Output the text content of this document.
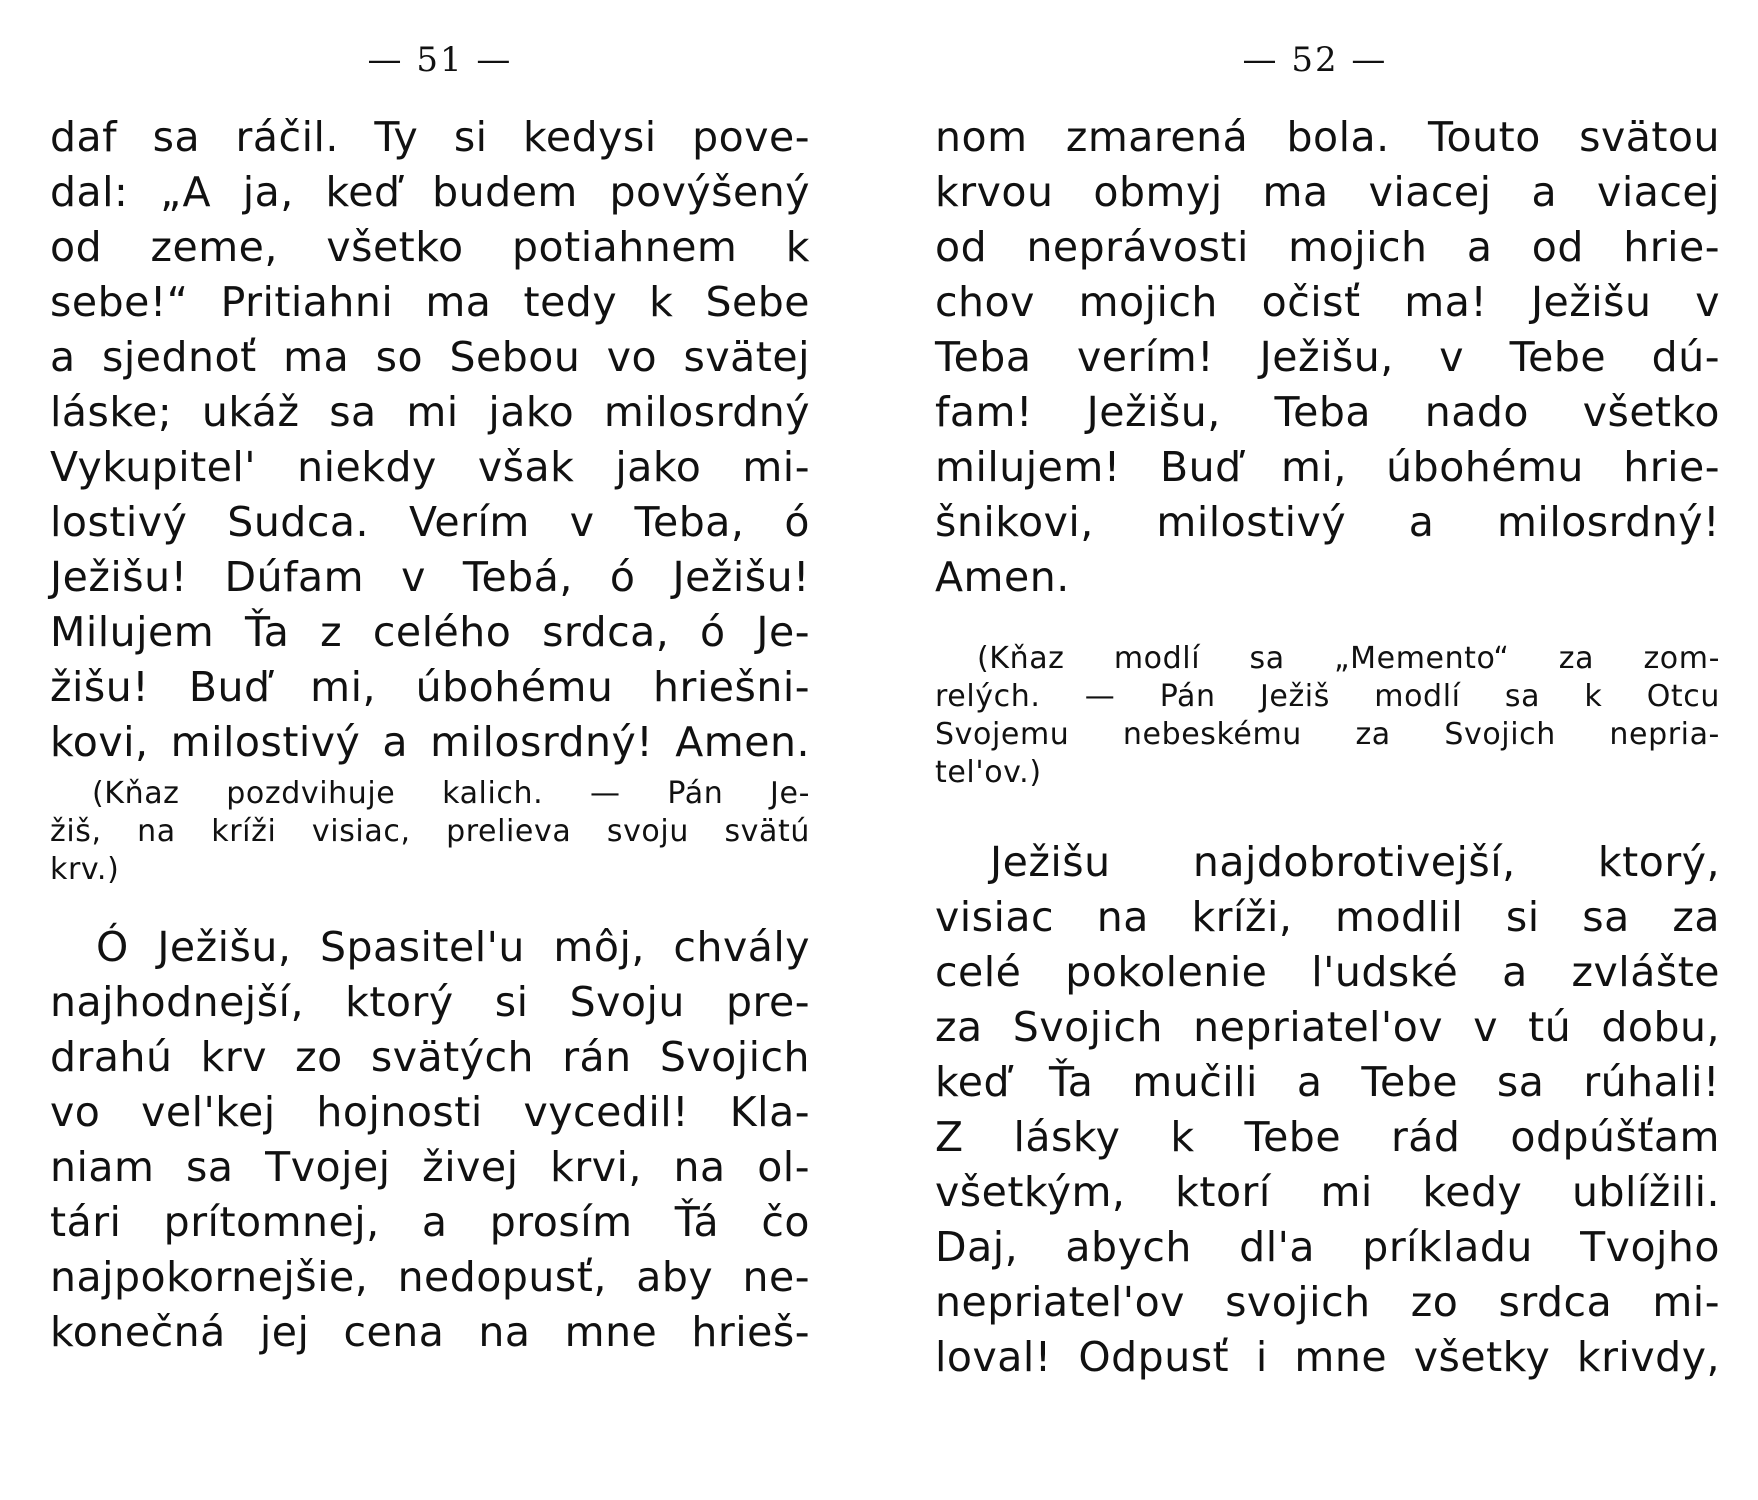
— 51 —
daf sa ráčil. Ty si kedysi pove-
dal: „A ja, keď budem povýšený
od zeme, všetko potiahnem k
sebe!“ Pritiahni ma tedy k Sebe
a sjednoť ma so Sebou vo svätej
láske; ukáž sa mi jako milosrdný
Vykupitel' niekdy však jako mi-
lostivý Sudca. Verím v Teba, ó
Ježišu! Dúfam v Tebá, ó Ježišu!
Milujem Ťa z celého srdca, ó Je-
žišu! Buď mi, úbohému hriešni-
kovi, milostivý a milosrdný! Amen.
(Kňaz pozdvihuje kalich. — Pán Je-
žiš, na kríži visiac, prelieva svoju svätú
krv.)
Ó Ježišu, Spasitel'u môj, chvály
najhodnejší, ktorý si Svoju pre-
drahú krv zo svätých rán Svojich
vo vel'kej hojnosti vycedil! Kla-
niam sa Tvojej živej krvi, na ol-
tári prítomnej, a prosím Ťá čo
najpokornejšie, nedopusť, aby ne-
konečná jej cena na mne hrieš-
— 52 —
nom zmarená bola. Touto svätou
krvou obmyj ma viacej a viacej
od neprávosti mojich a od hrie-
chov mojich očisť ma! Ježišu v
Teba verím! Ježišu, v Tebe dú-
fam! Ježišu, Teba nado všetko
milujem! Buď mi, úbohému hrie-
šnikovi, milostivý a milosrdný!
Amen.
(Kňaz modlí sa „Memento“ za zom-
relých. — Pán Ježiš modlí sa k Otcu
Svojemu nebeskému za Svojich nepria-
tel'ov.)
Ježišu najdobrotivejší, ktorý,
visiac na kríži, modlil si sa za
celé pokolenie l'udské a zvlášte
za Svojich nepriatel'ov v tú dobu,
keď Ťa mučili a Tebe sa rúhali!
Z lásky k Tebe rád odpúšťam
všetkým, ktorí mi kedy ublížili.
Daj, abych dl'a príkladu Tvojho
nepriatel'ov svojich zo srdca mi-
loval! Odpusť i mne všetky krivdy,
